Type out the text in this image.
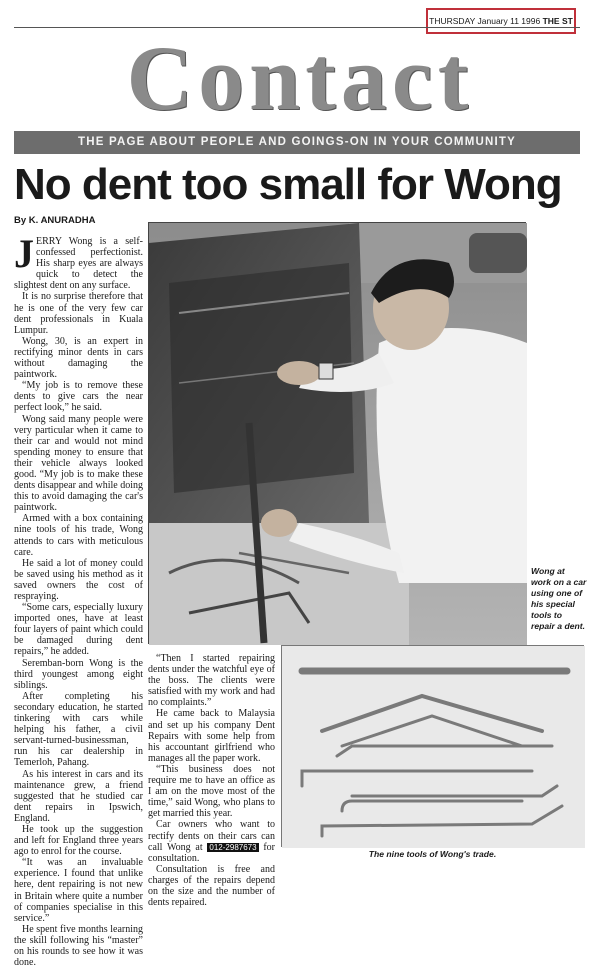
THURSDAY January 11 1996 THE ST
Contact
THE PAGE ABOUT PEOPLE AND GOINGS-ON IN YOUR COMMUNITY
No dent too small for Wong
By K. ANURADHA
J ERRY Wong is a self-confessed perfectionist. His sharp eyes are always quick to detect the slightest dent on any surface.

It is no surprise therefore that he is one of the very few car dent professionals in Kuala Lumpur.

Wong, 30, is an expert in rectifying minor dents in cars without damaging the paintwork.

“My job is to remove these dents to give cars the near perfect look,” he said.

Wong said many people were very particular when it came to their car and would not mind spending money to ensure that their vehicle always looked good. “My job is to make these dents disappear and while doing this to avoid damaging the car's paintwork.

Armed with a box containing nine tools of his trade, Wong attends to cars with meticulous care.

He said a lot of money could be saved using his method as it saved owners the cost of respraying.

“Some cars, especially luxury imported ones, have at least four layers of paint which could be damaged during dent repairs,” he added.

Seremban-born Wong is the third youngest among eight siblings.

After completing his secondary education, he started tinkering with cars while helping his father, a civil servant-turned-businessman, run his car dealership in Temerloh, Pahang.

As his interest in cars and its maintenance grew, a friend suggested that he studied car dent repairs in Ipswich, England.

He took up the suggestion and left for England three years ago to enrol for the course.

“It was an invaluable experience. I found that unlike here, dent repairing is not new in Britain where quite a number of companies specialise in this service.”

He spent five months learning the skill following his “master” on his rounds to see how it was done.

Wong at work on a car using one of his special tools to repair a dent.

“Then I started repairing dents under the watchful eye of the boss. The clients were satisfied with my work and had no complaints.”

He came back to Malaysia and set up his company Dent Repairs with some help from his accountant girlfriend who manages all the paper work.

“This business does not require me to have an office as I am on the move most of the time,” said Wong, who plans to get married this year.

Car owners who want to rectify dents on their cars can call Wong at 012-2987673 for consultation.

Consultation is free and charges of the repairs depend on the size and the number of dents repaired.

The nine tools of Wong's trade.
